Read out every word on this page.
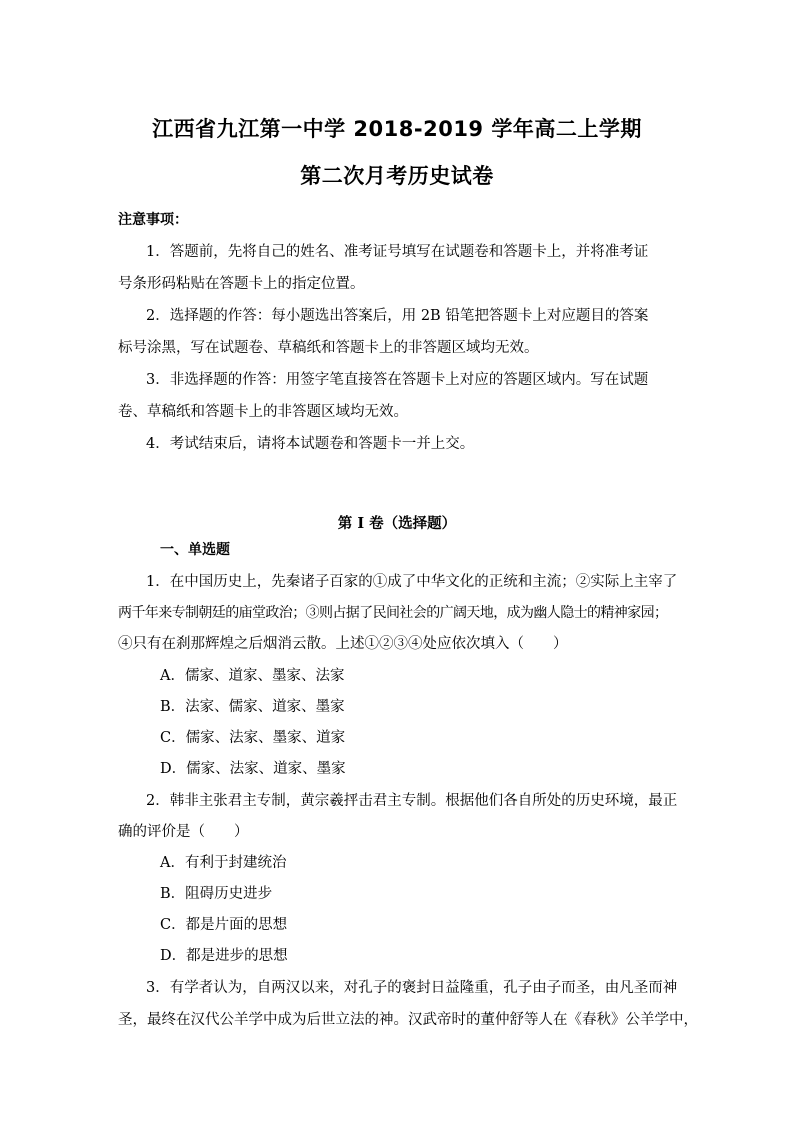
江西省九江第一中学 2018-2019 学年高二上学期
第二次月考历史试卷
注意事项：
1．答题前，先将自己的姓名、准考证号填写在试题卷和答题卡上，并将准考证
号条形码粘贴在答题卡上的指定位置。
2．选择题的作答：每小题选出答案后，用 2B 铅笔把答题卡上对应题目的答案
标号涂黑，写在试题卷、草稿纸和答题卡上的非答题区域均无效。
3．非选择题的作答：用签字笔直接答在答题卡上对应的答题区域内。写在试题
卷、草稿纸和答题卡上的非答题区域均无效。
4．考试结束后，请将本试题卷和答题卡一并上交。
第 I 卷（选择题）
一、单选题
1．在中国历史上，先秦诸子百家的①成了中华文化的正统和主流；②实际上主宰了
两千年来专制朝廷的庙堂政治；③则占据了民间社会的广阔天地，成为幽人隐士的精神家园；
④只有在刹那辉煌之后烟消云散。上述①②③④处应依次填入（　　）
A．儒家、道家、墨家、法家
B．法家、儒家、道家、墨家
C．儒家、法家、墨家、道家
D．儒家、法家、道家、墨家
2．韩非主张君主专制，黄宗羲抨击君主专制。根据他们各自所处的历史环境，最正
确的评价是（　　）
A．有利于封建统治
B．阻碍历史进步
C．都是片面的思想
D．都是进步的思想
3．有学者认为，自两汉以来，对孔子的褒封日益隆重，孔子由子而圣，由凡圣而神
圣，最终在汉代公羊学中成为后世立法的神。汉武帝时的董仲舒等人在《春秋》公羊学中，
